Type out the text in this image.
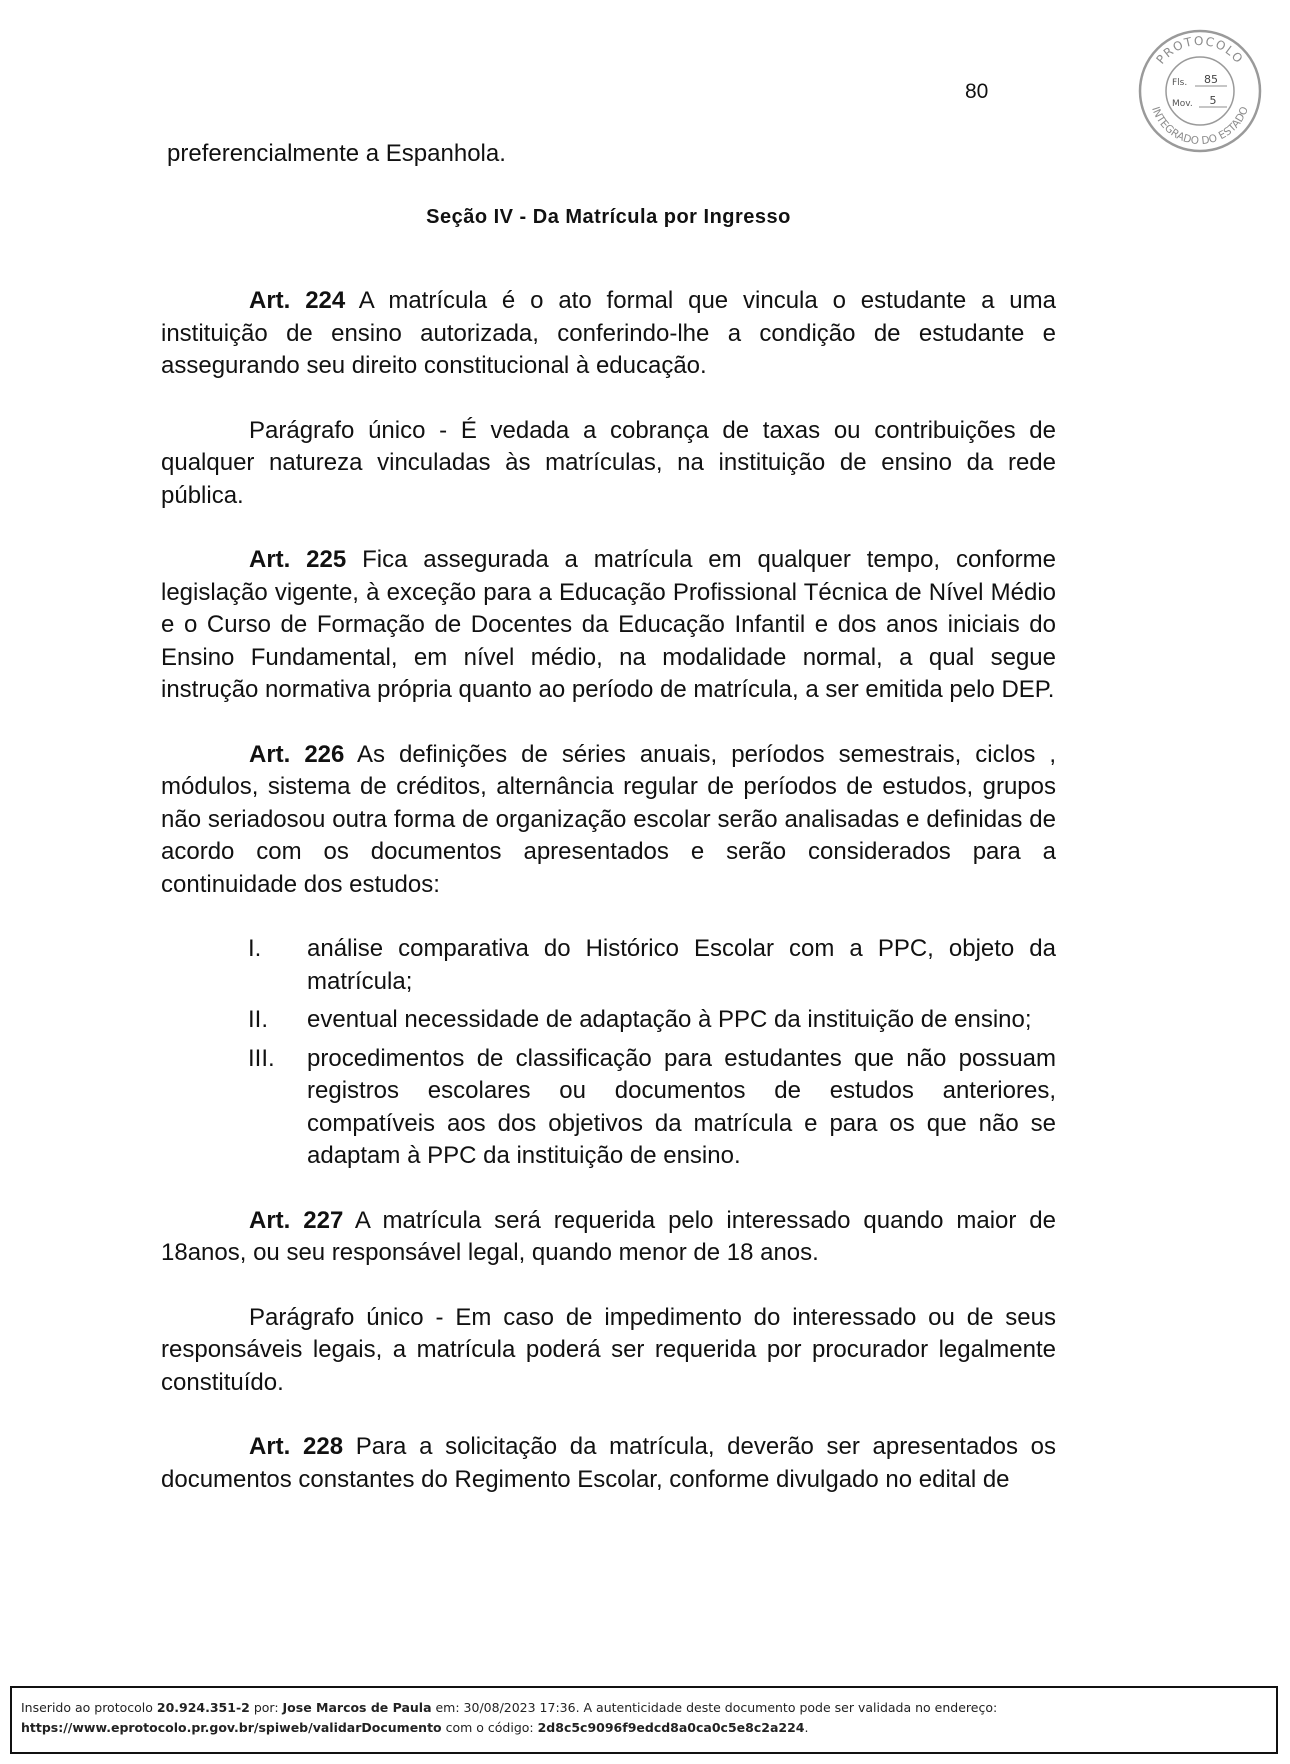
80
PROTOCOLO
INTEGRADO DO ESTADO
Fls. 85
Mov. 5

preferencialmente a Espanhola.

Seção IV - Da Matrícula por Ingresso

Art. 224 A matrícula é o ato formal que vincula o estudante a uma instituição de ensino autorizada, conferindo-lhe a condição de estudante e assegurando seu direito constitucional à educação.

Parágrafo único - É vedada a cobrança de taxas ou contribuições de qualquer natureza vinculadas às matrículas, na instituição de ensino da rede pública.

Art. 225 Fica assegurada a matrícula em qualquer tempo, conforme legislação vigente, à exceção para a Educação Profissional Técnica de Nível Médio e o Curso de Formação de Docentes da Educação Infantil e dos anos iniciais do Ensino Fundamental, em nível médio, na modalidade normal, a qual segue instrução normativa própria quanto ao período de matrícula, a ser emitida pelo DEP.

Art. 226 As definições de séries anuais, períodos semestrais, ciclos , módulos, sistema de créditos, alternância regular de períodos de estudos, grupos não seriadosou outra forma de organização escolar serão analisadas e definidas de acordo com os documentos apresentados e serão considerados para a continuidade dos estudos:

I. análise comparativa do Histórico Escolar com a PPC, objeto da matrícula;
II. eventual necessidade de adaptação à PPC da instituição de ensino;
III. procedimentos de classificação para estudantes que não possuam registros escolares ou documentos de estudos anteriores, compatíveis aos dos objetivos da matrícula e para os que não se adaptam à PPC da instituição de ensino.

Art. 227 A matrícula será requerida pelo interessado quando maior de 18anos, ou seu responsável legal, quando menor de 18 anos.

Parágrafo único - Em caso de impedimento do interessado ou de seus responsáveis legais, a matrícula poderá ser requerida por procurador legalmente constituído.

Art. 228 Para a solicitação da matrícula, deverão ser apresentados os documentos constantes do Regimento Escolar, conforme divulgado no edital de

Inserido ao protocolo 20.924.351-2 por: Jose Marcos de Paula em: 30/08/2023 17:36. A autenticidade deste documento pode ser validada no endereço:
https://www.eprotocolo.pr.gov.br/spiweb/validarDocumento com o código: 2d8c5c9096f9edcd8a0ca0c5e8c2a224.
